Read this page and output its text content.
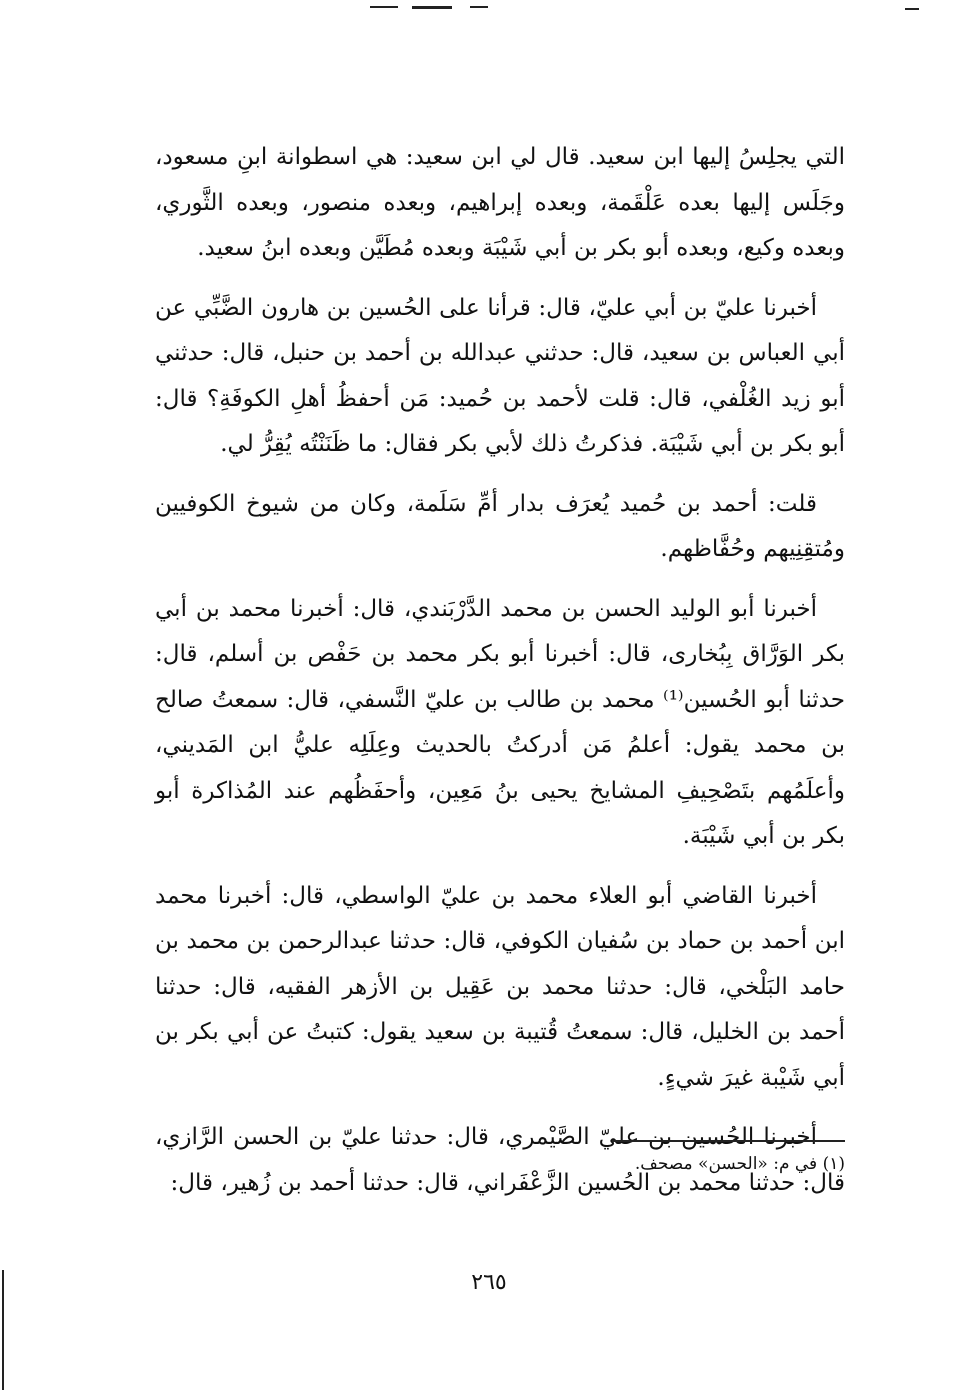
التي يجلِسُ إليها ابن سعيد. قال لي ابن سعيد: هي اسطوانة ابنِ مسعود، وجَلَس إليها بعده عَلْقَمة، وبعده إبراهيم، وبعده منصور، وبعده الثَّوري، وبعده وكيع، وبعده أبو بكر بن أبي شَيْبَة وبعده مُطَيَّن وبعده ابنُ سعيد.

أخبرنا عليّ بن أبي عليّ، قال: قرأنا على الحُسين بن هارون الضَّبِّي عن أبي العباس بن سعيد، قال: حدثني عبدالله بن أحمد بن حنبل، قال: حدثني أبو زيد الغُلْفي، قال: قلت لأحمد بن حُميد: مَن أحفظُ أهلِ الكوفَةِ؟ قال: أبو بكر بن أبي شَيْبَة. فذكرتُ ذلك لأبي بكر فقال: ما ظَنَنْتُه يُقِرُّ لي.

قلت: أحمد بن حُميد يُعرَف بدار أمِّ سَلَمة، وكان من شيوخ الكوفيين ومُتقِنِيهم وحُفَّاظهم.

أخبرنا أبو الوليد الحسن بن محمد الدَّرْبَندي، قال: أخبرنا محمد بن أبي بكر الوَرَّاق بِبُخارى، قال: أخبرنا أبو بكر محمد بن حَفْص بن أسلم، قال: حدثنا أبو الحُسين⁽¹⁾ محمد بن طالب بن عليّ النَّسفي، قال: سمعتُ صالح بن محمد يقول: أعلمُ مَن أدركتُ بالحديث وعِلَلِه عليُّ ابن المَديني، وأعلَمُهم بتَصْحِيفِ المشايخ يحيى بنُ مَعِين، وأحفَظُهم عند المُذاكرة أبو بكر بن أبي شَيْبَة.

أخبرنا القاضي أبو العلاء محمد بن عليّ الواسطي، قال: أخبرنا محمد ابن أحمد بن حماد بن سُفيان الكوفي، قال: حدثنا عبدالرحمن بن محمد بن حامد البَلْخي، قال: حدثنا محمد بن عَقِيل بن الأزهر الفقيه، قال: حدثنا أحمد بن الخليل، قال: سمعتُ قُتيبة بن سعيد يقول: كتبتُ عن أبي بكر بن أبي شَيْبة غيرَ شيءٍ.

أخبرنا الحُسين بن عليّ الصَّيْمري، قال: حدثنا عليّ بن الحسن الرَّازي، قال: حدثنا محمد بن الحُسين الزَّعْفَراني، قال: حدثنا أحمد بن زُهير، قال:

(١) في م: «الحسن» مصحف.
٢٦٥
